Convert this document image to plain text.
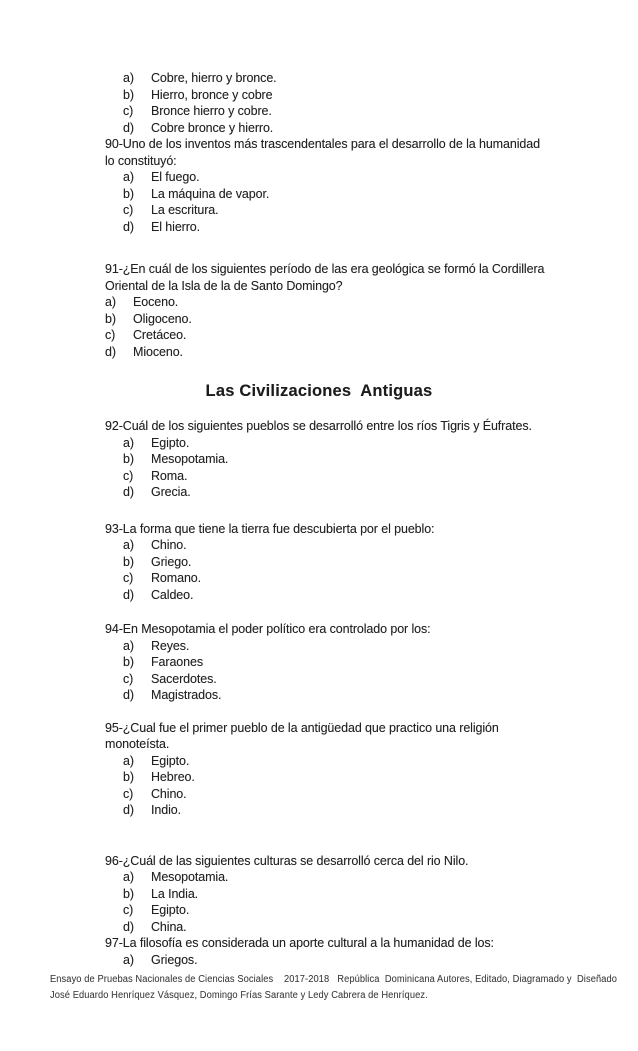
a)	Cobre, hierro y bronce.
b)	Hierro, bronce y cobre
c)	Bronce hierro y cobre.
d)	Cobre bronce y hierro.
90-Uno de los inventos más trascendentales para el desarrollo de la humanidad
lo constituyó:
a)	El fuego.
b)	La máquina de vapor.
c)	La escritura.
d)	El hierro.
91-¿En cuál de los siguientes período de las era geológica se formó la Cordillera
Oriental de la Isla de la de Santo Domingo?
a)	Eoceno.
b)	Oligoceno.
c)	Cretáceo.
d)	Mioceno.
Las Civilizaciones  Antiguas
92-Cuál de los siguientes pueblos se desarrolló entre los ríos Tigris y Éufrates.
a)	Egipto.
b)	Mesopotamia.
c)	Roma.
d)	Grecia.
93-La forma que tiene la tierra fue descubierta por el pueblo:
a)	Chino.
b)	Griego.
c)	Romano.
d)	Caldeo.
94-En Mesopotamia el poder político era controlado por los:
a)	Reyes.
b)	Faraones
c)	Sacerdotes.
d)	Magistrados.
95-¿Cual fue el primer pueblo de la antigüedad que practico una religión
monoteísta.
a)	Egipto.
b)	Hebreo.
c)	Chino.
d)	Indio.
96-¿Cuál de las siguientes culturas se desarrolló cerca del rio Nilo.
a)	Mesopotamia.
b)	La India.
c)	Egipto.
d)	China.
97-La filosofía es considerada un aporte cultural a la humanidad de los:
a)	Griegos.
Ensayo de Pruebas Nacionales de Ciencias Sociales    2017-2018   República  Dominicana Autores, Editado, Diagramado y  Diseñado
José Eduardo Henríquez Vásquez, Domingo Frías Sarante y Ledy Cabrera de Henríquez.
